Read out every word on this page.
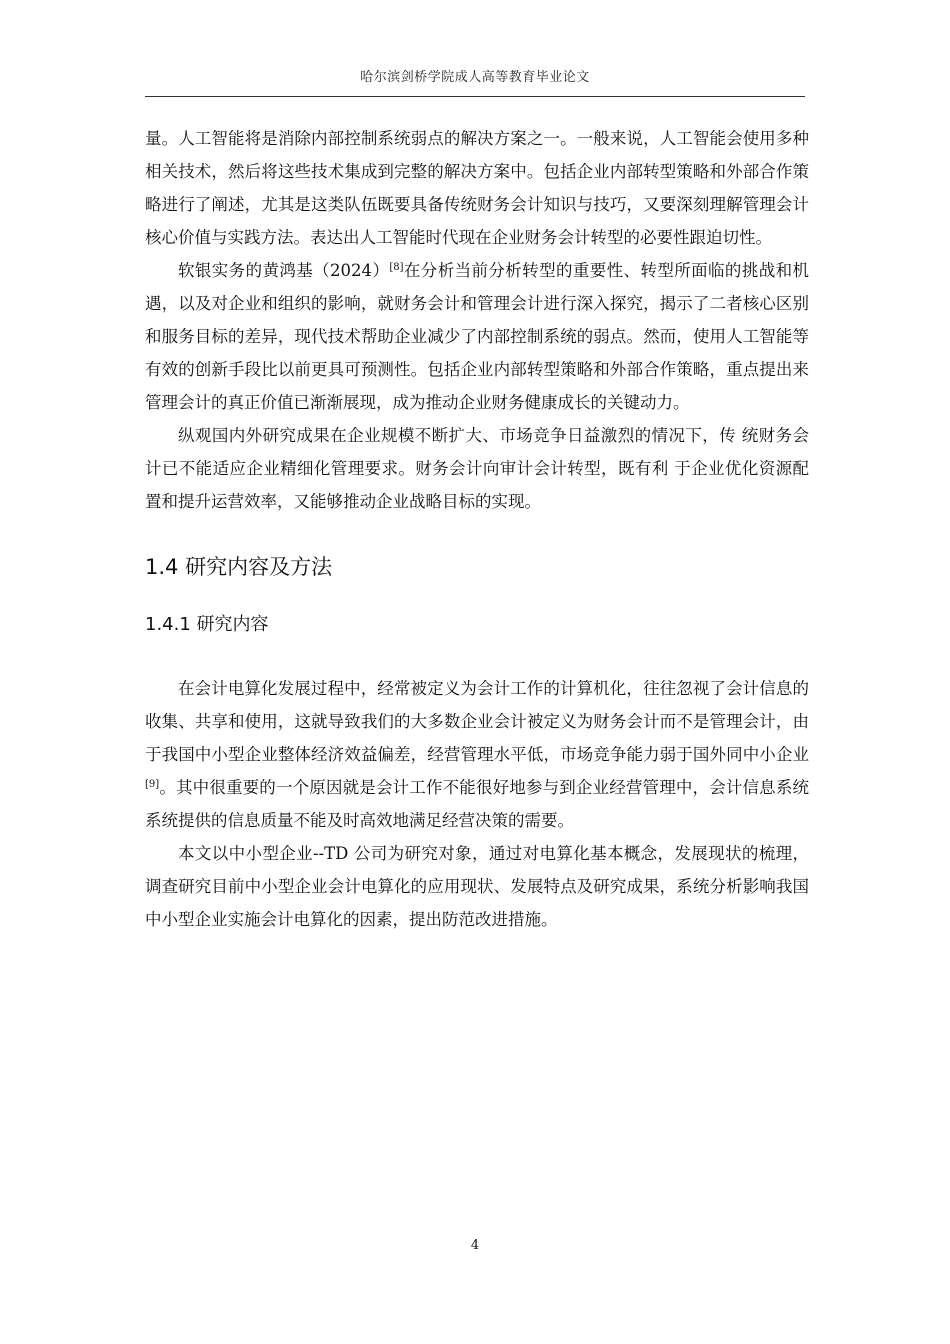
哈尔滨剑桥学院成人高等教育毕业论文

量。人工智能将是消除内部控制系统弱点的解决方案之一。一般来说，人工智能会使用多种相关技术，然后将这些技术集成到完整的解决方案中。包括企业内部转型策略和外部合作策略进行了阐述，尤其是这类队伍既要具备传统财务会计知识与技巧，又要深刻理解管理会计核心价值与实践方法。表达出人工智能时代现在企业财务会计转型的必要性跟迫切性。

软银实务的黄鸿基（2024）[8]在分析当前分析转型的重要性、转型所面临的挑战和机遇，以及对企业和组织的影响，就财务会计和管理会计进行深入探究，揭示了二者核心区别和服务目标的差异，现代技术帮助企业减少了内部控制系统的弱点。然而，使用人工智能等有效的创新手段比以前更具可预测性。包括企业内部转型策略和外部合作策略，重点提出来管理会计的真正价值已渐渐展现，成为推动企业财务健康成长的关键动力。

纵观国内外研究成果在企业规模不断扩大、市场竞争日益激烈的情况下，传 统财务会计已不能适应企业精细化管理要求。财务会计向审计会计转型，既有利 于企业优化资源配置和提升运营效率，又能够推动企业战略目标的实现。

1.4 研究内容及方法
1.4.1 研究内容

在会计电算化发展过程中，经常被定义为会计工作的计算机化，往往忽视了会计信息的收集、共享和使用，这就导致我们的大多数企业会计被定义为财务会计而不是管理会计，由于我国中小型企业整体经济效益偏差，经营管理水平低，市场竞争能力弱于国外同中小企业[9]。其中很重要的一个原因就是会计工作不能很好地参与到企业经营管理中，会计信息系统系统提供的信息质量不能及时高效地满足经营决策的需要。

本文以中小型企业--TD 公司为研究对象，通过对电算化基本概念，发展现状的梳理，调查研究目前中小型企业会计电算化的应用现状、发展特点及研究成果，系统分析影响我国中小型企业实施会计电算化的因素，提出防范改进措施。

4
